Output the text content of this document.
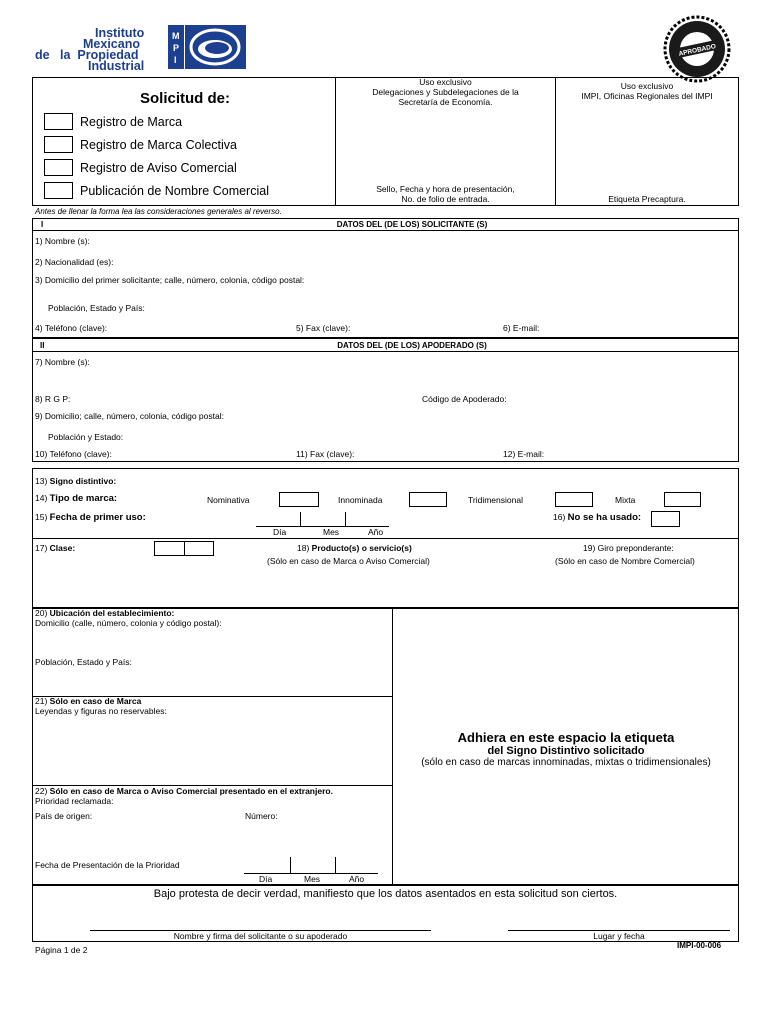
Instituto
Mexicano
de   la  Propiedad
Industrial
M
P
I
APROBADO
Solicitud de:
Registro de Marca
Registro de Marca Colectiva
Registro de Aviso Comercial
Publicación de Nombre Comercial
Uso exclusivo
Delegaciones y Subdelegaciones de la
Secretaría de Economía.
Sello, Fecha y hora de presentación,
No. de folio de entrada.
Uso exclusivo
IMPI, Oficinas Regionales del IMPI
Etiqueta Precaptura.
Antes de llenar la forma lea las consideraciones generales al reverso.
I	DATOS DEL (DE LOS) SOLICITANTE (S)
1) Nombre (s):
2) Nacionalidad (es):
3) Domicilio del primer solicitante; calle, número, colonia, código postal:
Población, Estado y País:
4) Teléfono (clave):	5) Fax (clave):	6) E-mail:
II	DATOS DEL (DE LOS) APODERADO (S)
7) Nombre (s):
8) R G P:	Código de Apoderado:
9) Domicilio; calle, número, colonia, código postal:
Población y Estado:
10) Teléfono (clave):	11) Fax (clave):	12) E-mail:
13) Signo distintivo:
14) Tipo de marca:	Nominativa	Innominada	Tridimensional	Mixta
15) Fecha de primer uso:
Día	Mes	Año
16) No se ha usado:
17) Clase:	18) Producto(s) o servicio(s)
(Sólo en caso de Marca o Aviso Comercial)
19) Giro preponderante:
(Sólo en caso de Nombre Comercial)
20) Ubicación del establecimiento:
Domicilio (calle, número, colonia y código postal):
Población, Estado y País:
21) Sólo en caso de Marca
Leyendas y figuras no reservables:
22) Sólo en caso de Marca o Aviso Comercial presentado en el extranjero.
Prioridad reclamada:
País de origen:	Número:
Fecha de Presentación de la Prioridad
Día	Mes	Año
Adhiera en este espacio la etiqueta
del Signo Distintivo solicitado
(sólo en caso de marcas innominadas, mixtas o tridimensionales)
Bajo protesta de decir verdad, manifiesto que los datos asentados en esta solicitud son ciertos.
Nombre y firma del solicitante o su apoderado	Lugar y fecha
Página 1 de 2	IMPI-00-006
